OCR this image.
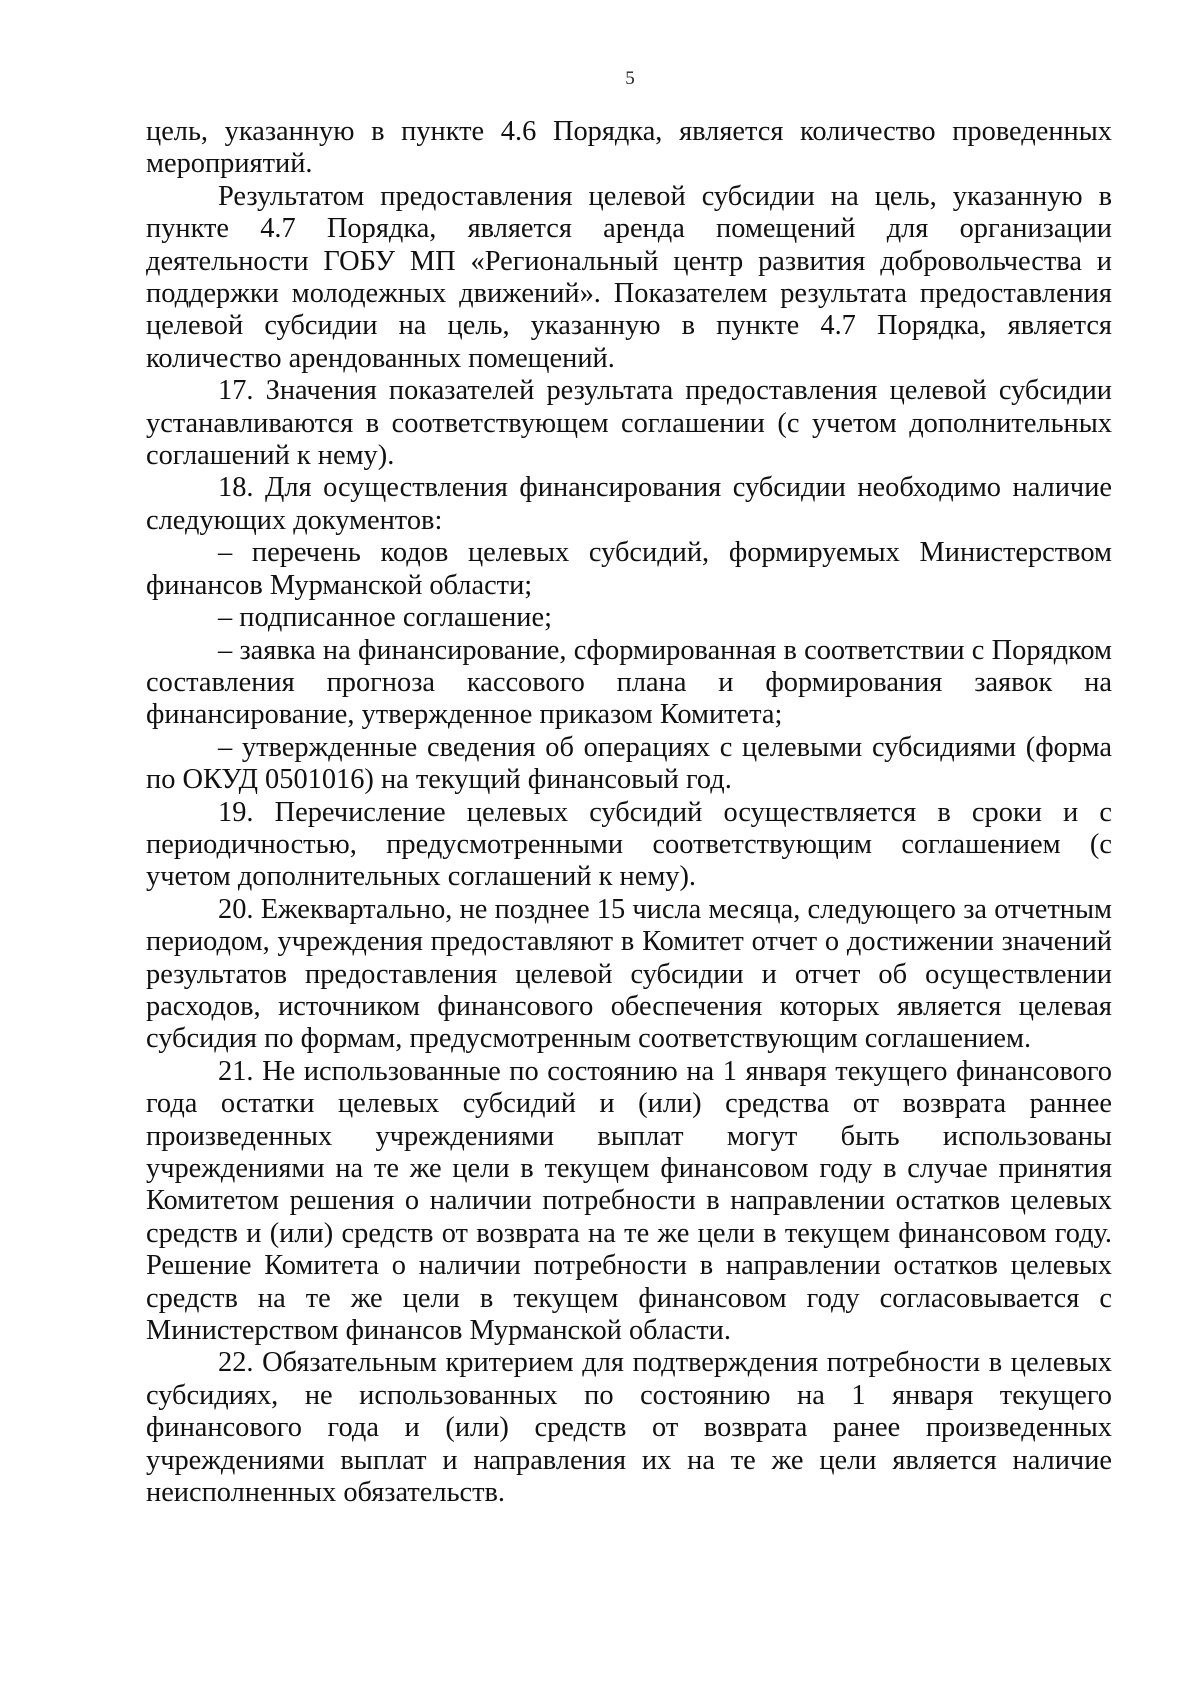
5

цель, указанную в пункте 4.6 Порядка, является количество проведенных мероприятий.

Результатом предоставления целевой субсидии на цель, указанную в пункте 4.7 Порядка, является аренда помещений для организации деятельности ГОБУ МП «Региональный центр развития добровольчества и поддержки молодежных движений». Показателем результата предоставления целевой субсидии на цель, указанную в пункте 4.7 Порядка, является количество арендованных помещений.

17. Значения показателей результата предоставления целевой субсидии устанавливаются в соответствующем соглашении (с учетом дополнительных соглашений к нему).

18. Для осуществления финансирования субсидии необходимо наличие следующих документов:

– перечень кодов целевых субсидий, формируемых Министерством финансов Мурманской области;

– подписанное соглашение;

– заявка на финансирование, сформированная в соответствии с Порядком составления прогноза кассового плана и формирования заявок на финансирование, утвержденное приказом Комитета;

– утвержденные сведения об операциях с целевыми субсидиями (форма по ОКУД 0501016) на текущий финансовый год.

19. Перечисление целевых субсидий осуществляется в сроки и с периодичностью, предусмотренными соответствующим соглашением (с учетом дополнительных соглашений к нему).

20. Ежеквартально, не позднее 15 числа месяца, следующего за отчетным периодом, учреждения предоставляют в Комитет отчет о достижении значений результатов предоставления целевой субсидии и отчет об осуществлении расходов, источником финансового обеспечения которых является целевая субсидия по формам, предусмотренным соответствующим соглашением.

21. Не использованные по состоянию на 1 января текущего финансового года остатки целевых субсидий и (или) средства от возврата раннее произведенных учреждениями выплат могут быть использованы учреждениями на те же цели в текущем финансовом году в случае принятия Комитетом решения о наличии потребности в направлении остатков целевых средств и (или) средств от возврата на те же цели в текущем финансовом году. Решение Комитета о наличии потребности в направлении остатков целевых средств на те же цели в текущем финансовом году согласовывается с Министерством финансов Мурманской области.

22. Обязательным критерием для подтверждения потребности в целевых субсидиях, не использованных по состоянию на 1 января текущего финансового года и (или) средств от возврата ранее произведенных учреждениями выплат и направления их на те же цели является наличие неисполненных обязательств.
